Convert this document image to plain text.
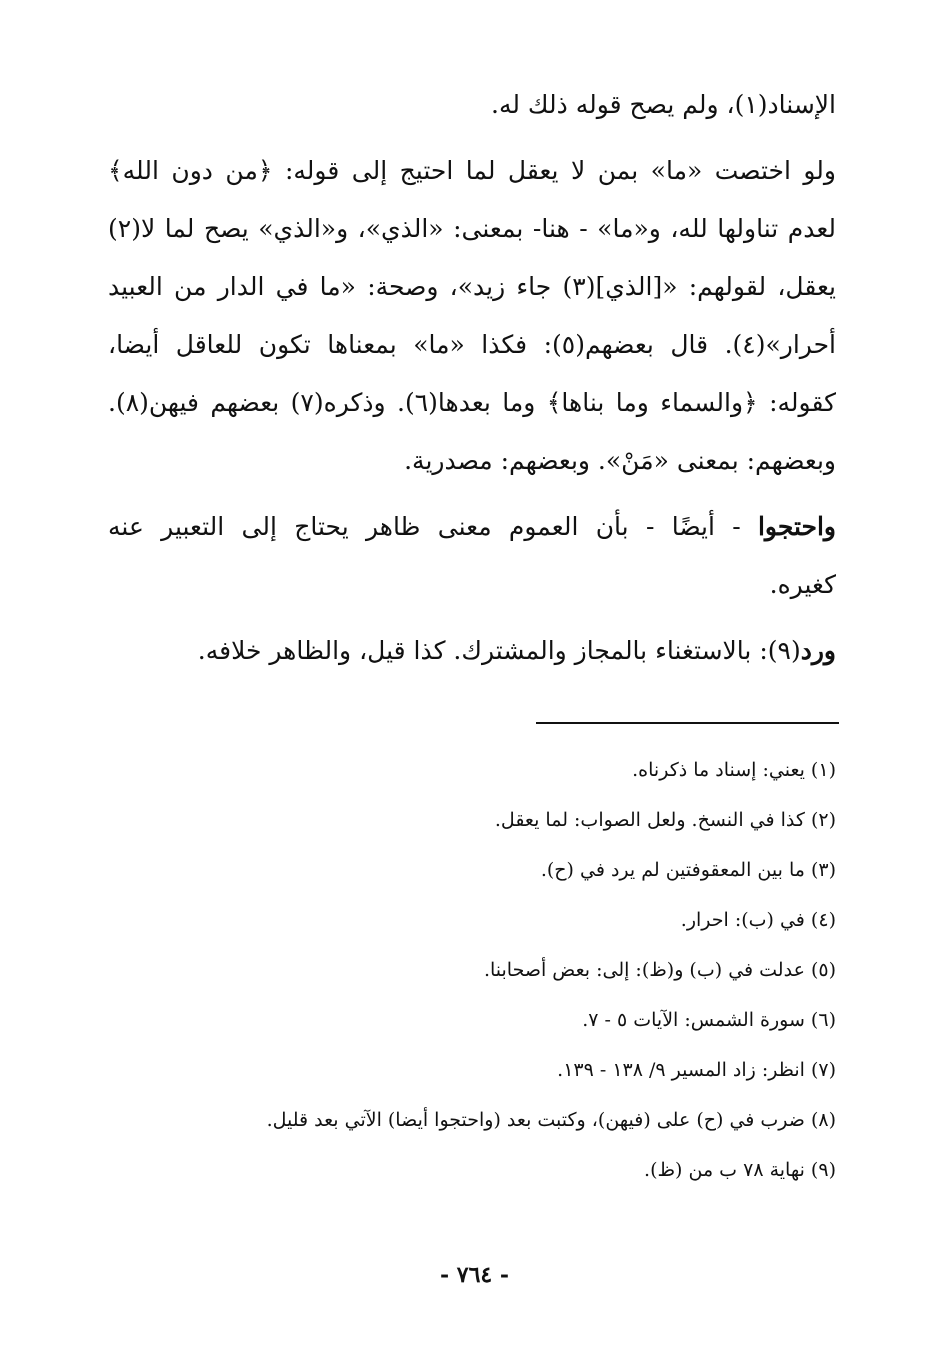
الإسناد(١)، ولم يصح قوله ذلك له.
ولو اختصت «ما» بمن لا يعقل لما احتيج إلى قوله: ﴿من دون الله﴾
لعدم تناولها لله، و«ما» - هنا- بمعنى: «الذي»، و«الذي» يصح لما لا(٢)
يعقل، لقولهم: «[الذي](٣) جاء زيد»، وصحة: «ما في الدار من العبيد
أحرار»(٤). قال بعضهم(٥): فكذا «ما» بمعناها تكون للعاقل أيضا،
كقوله: ﴿والسماء وما بناها﴾ وما بعدها(٦). وذكره(٧) بعضهم فيهن(٨).
وبعضهم: بمعنى «مَنْ». وبعضهم: مصدرية.
واحتجوا - أيضًا - بأن العموم معنى ظاهر يحتاج إلى التعبير عنه
كغيره.
ورد(٩): بالاستغناء بالمجاز والمشترك. كذا قيل، والظاهر خلافه.
(١) يعني: إسناد ما ذكرناه.
(٢) كذا في النسخ. ولعل الصواب: لما يعقل.
(٣) ما بين المعقوفتين لم يرد في (ح).
(٤) في (ب): احرار.
(٥) عدلت في (ب) و(ظ): إلى: بعض أصحابنا.
(٦) سورة الشمس: الآيات ٥ - ٧.
(٧) انظر: زاد المسير ٩/ ١٣٨ - ١٣٩.
(٨) ضرب في (ح) على (فيهن)، وكتبت بعد (واحتجوا أيضا) الآتي بعد قليل.
(٩) نهاية ٧٨ ب من (ظ).
- ٧٦٤ -
